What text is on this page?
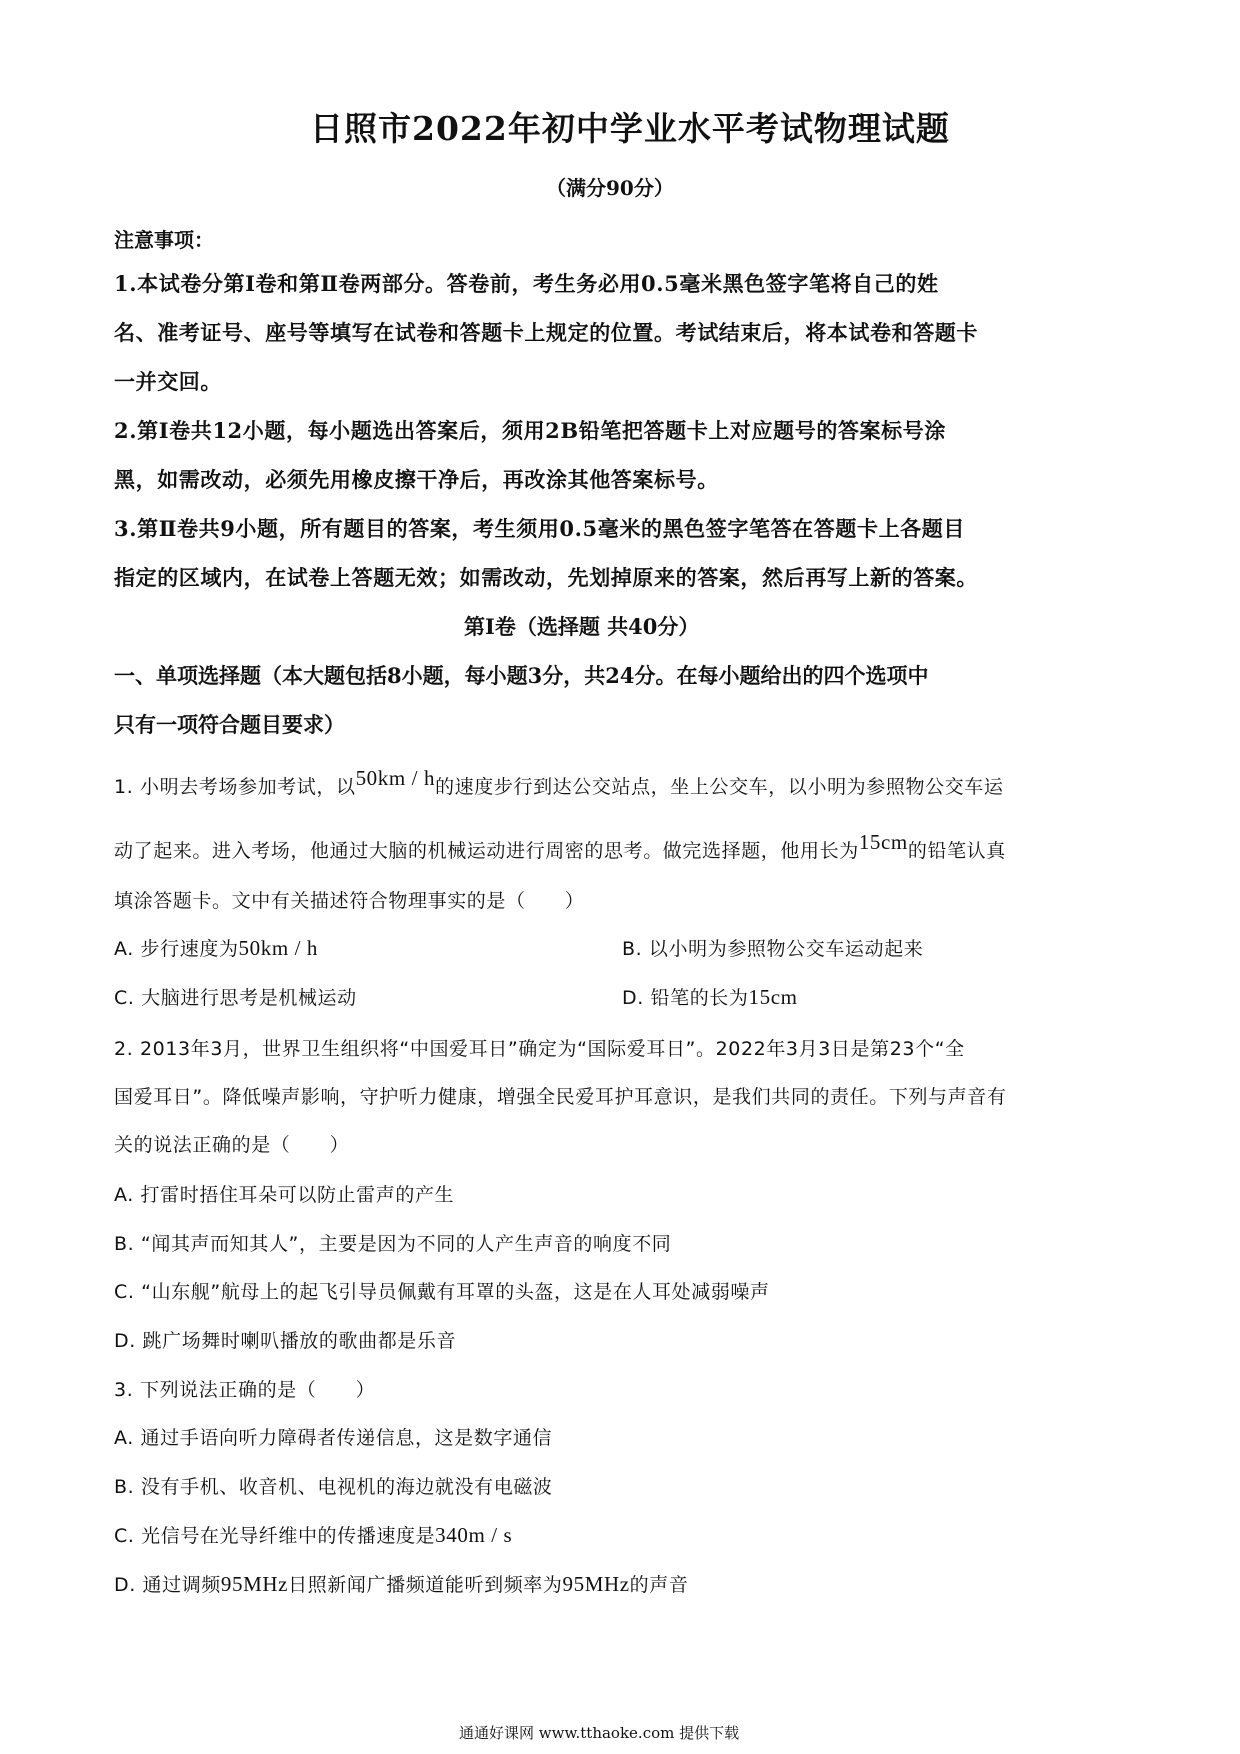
日照市2022年初中学业水平考试物理试题
（满分90分）
注意事项：
1.本试卷分第Ⅰ卷和第Ⅱ卷两部分。答卷前，考生务必用0.5毫米黑色签字笔将自己的姓
名、准考证号、座号等填写在试卷和答题卡上规定的位置。考试结束后，将本试卷和答题卡
一并交回。
2.第Ⅰ卷共12小题，每小题选出答案后，须用2B铅笔把答题卡上对应题号的答案标号涂
黑，如需改动，必须先用橡皮擦干净后，再改涂其他答案标号。
3.第Ⅱ卷共9小题，所有题目的答案，考生须用0.5毫米的黑色签字笔答在答题卡上各题目
指定的区域内，在试卷上答题无效；如需改动，先划掉原来的答案，然后再写上新的答案。
第Ⅰ卷（选择题 共40分）
一、单项选择题（本大题包括8小题，每小题3分，共24分。在每小题给出的四个选项中
只有一项符合题目要求）
1. 小明去考场参加考试，以50km / h的速度步行到达公交站点，坐上公交车，以小明为参照物公交车运
动了起来。进入考场，他通过大脑的机械运动进行周密的思考。做完选择题，他用长为15cm的铅笔认真
填涂答题卡。文中有关描述符合物理事实的是（　　）
A. 步行速度为50km / h	B. 以小明为参照物公交车运动起来
C. 大脑进行思考是机械运动	D. 铅笔的长为15cm
2. 2013年3月，世界卫生组织将“中国爱耳日”确定为“国际爱耳日”。2022年3月3日是第23个“全
国爱耳日”。降低噪声影响，守护听力健康，增强全民爱耳护耳意识，是我们共同的责任。下列与声音有
关的说法正确的是（　　）
A. 打雷时捂住耳朵可以防止雷声的产生
B. “闻其声而知其人”，主要是因为不同的人产生声音的响度不同
C. “山东舰”航母上的起飞引导员佩戴有耳罩的头盔，这是在人耳处减弱噪声
D. 跳广场舞时喇叭播放的歌曲都是乐音
3. 下列说法正确的是（　　）
A. 通过手语向听力障碍者传递信息，这是数字通信
B. 没有手机、收音机、电视机的海边就没有电磁波
C. 光信号在光导纤维中的传播速度是340m / s
D. 通过调频95MHz日照新闻广播频道能听到频率为95MHz的声音
通通好课网 www.tthaoke.com 提供下载
